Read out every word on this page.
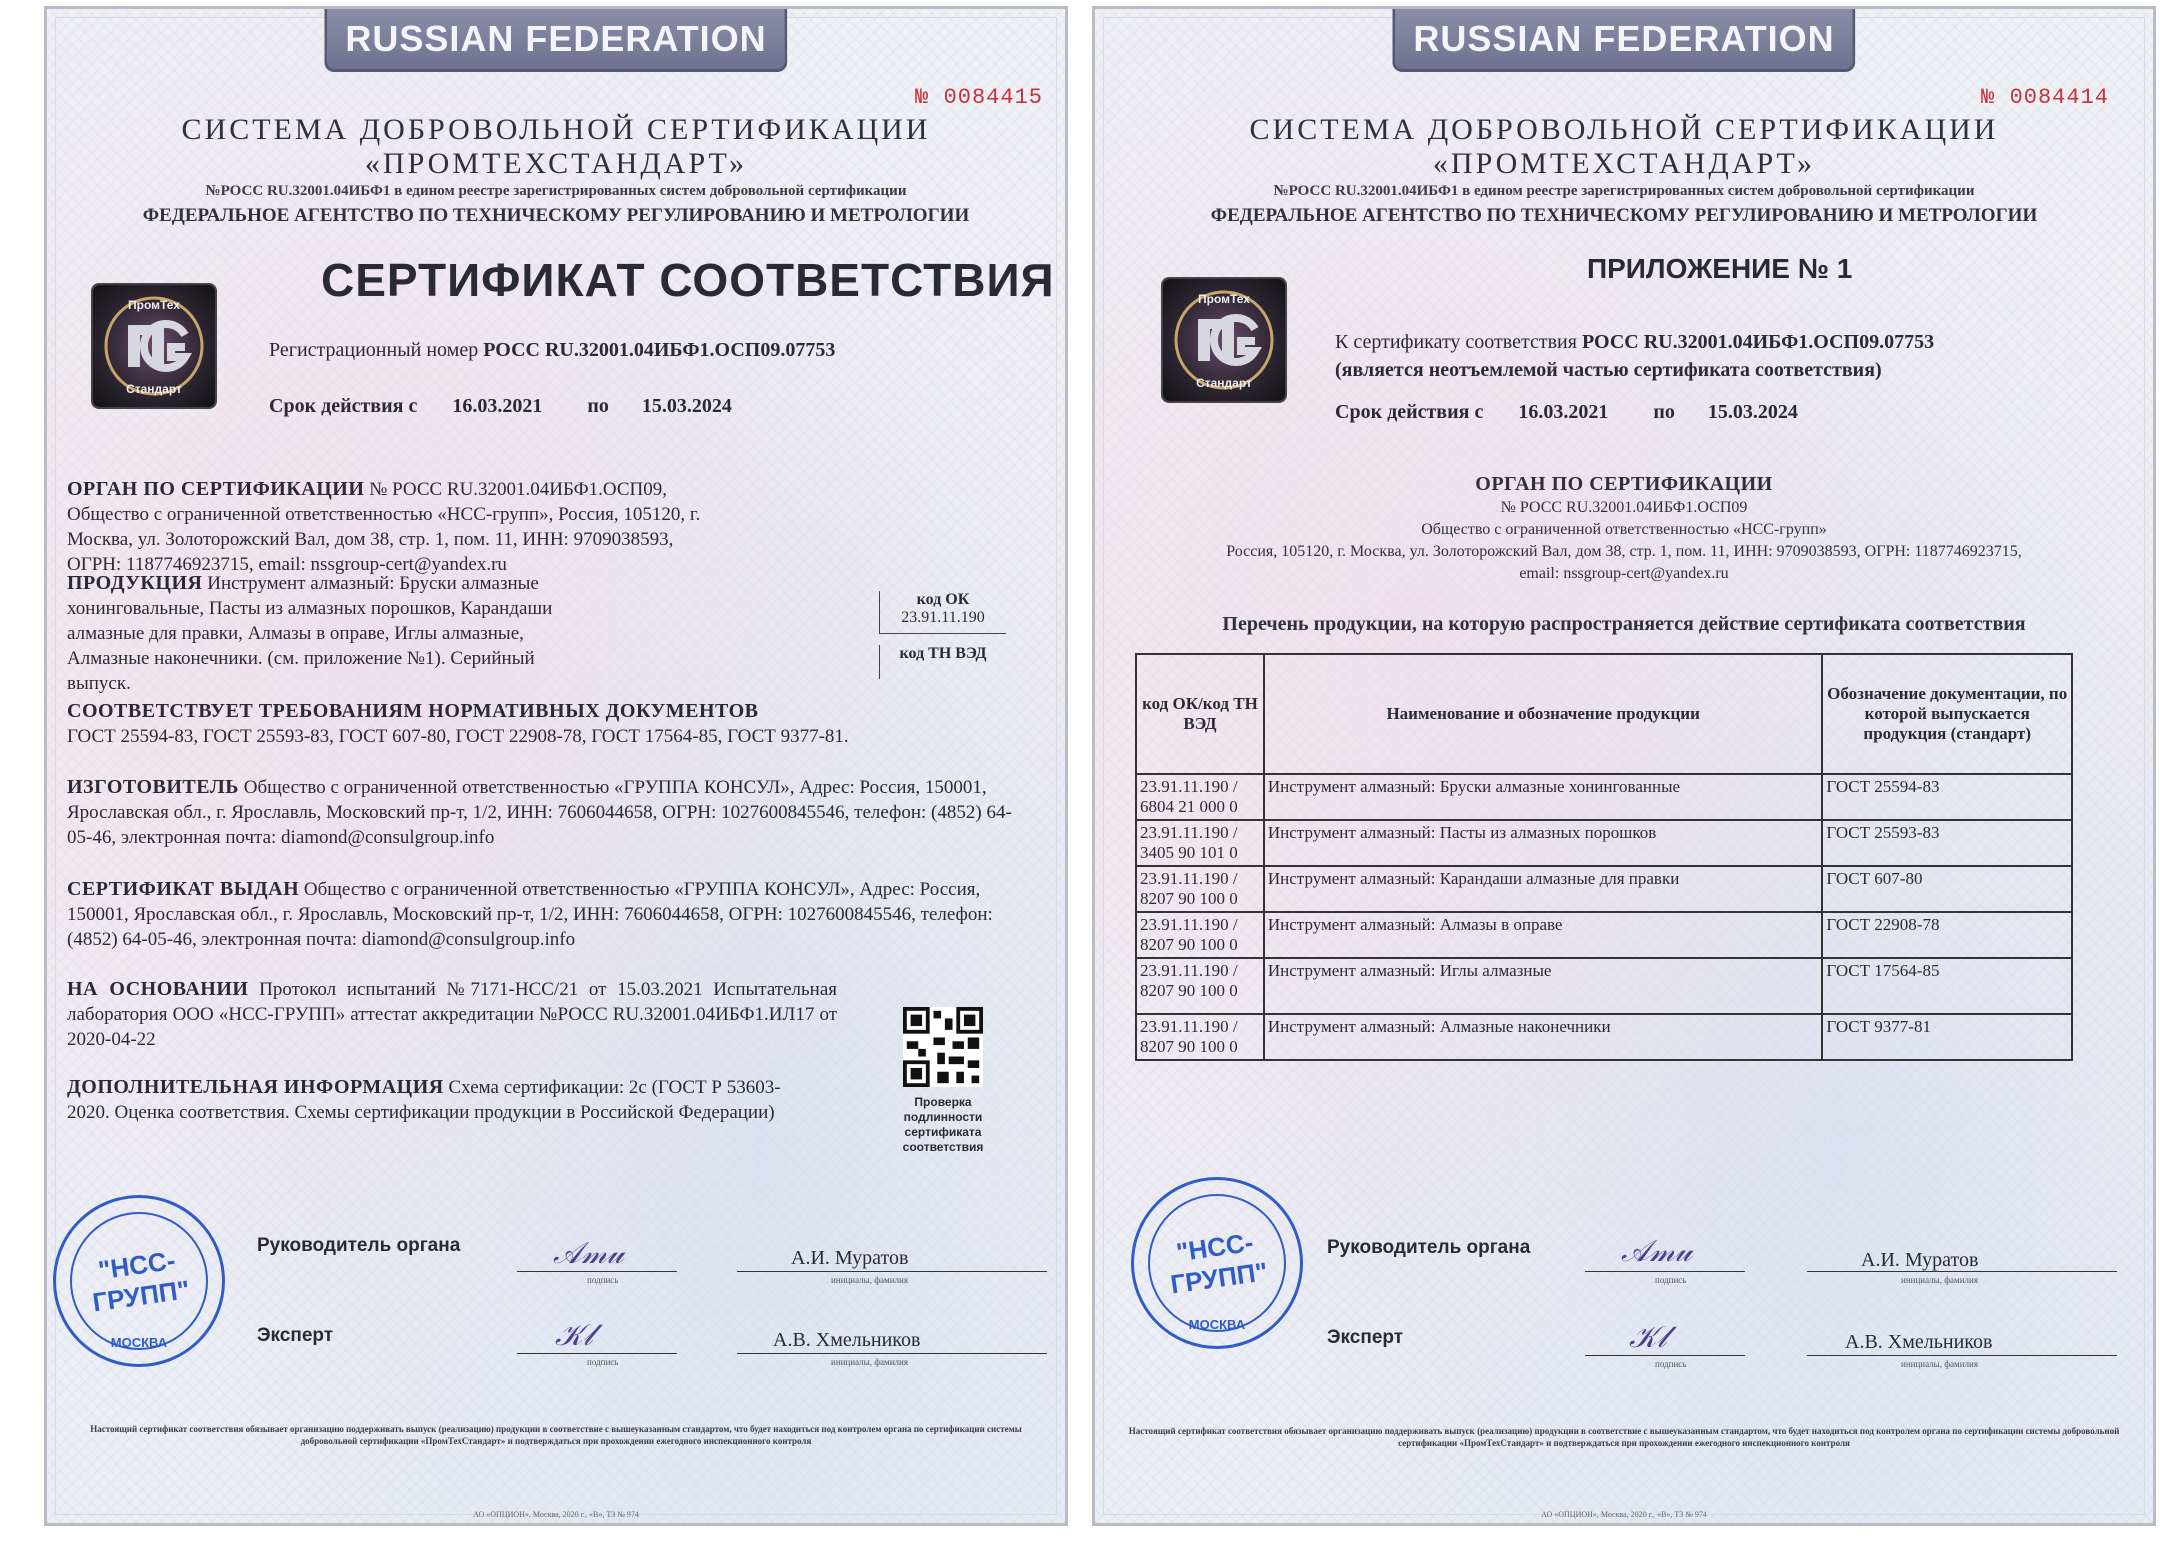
RUSSIAN FEDERATION
№ 0084415
СИСТЕМА ДОБРОВОЛЬНОЙ СЕРТИФИКАЦИИ
«ПРОМТЕХСТАНДАРТ»
№РОСС RU.32001.04ИБФ1 в едином реестре зарегистрированных систем добровольной сертификации
ФЕДЕРАЛЬНОЕ АГЕНТСТВО ПО ТЕХНИЧЕСКОМУ РЕГУЛИРОВАНИЮ И МЕТРОЛОГИИ
СЕРТИФИКАТ СООТВЕТСТВИЯ
ПромТех
Стандарт
Регистрационный номер РОСС RU.32001.04ИБФ1.ОСП09.07753
Срок действия с 16.03.2021 по 15.03.2024
ОРГАН ПО СЕРТИФИКАЦИИ № РОСС RU.32001.04ИБФ1.ОСП09, Общество с ограниченной ответственностью «НСС-групп», Россия, 105120, г. Москва, ул. Золоторожский Вал, дом 38, стр. 1, пом. 11, ИНН: 9709038593, ОГРН: 1187746923715, email: nssgroup-cert@yandex.ru
ПРОДУКЦИЯ Инструмент алмазный: Бруски алмазные хонинговальные, Пасты из алмазных порошков, Карандаши алмазные для правки, Алмазы в оправе, Иглы алмазные, Алмазные наконечники. (см. приложение №1). Серийный выпуск.
код ОК
23.91.11.190
код ТН ВЭД
СООТВЕТСТВУЕТ ТРЕБОВАНИЯМ НОРМАТИВНЫХ ДОКУМЕНТОВ
ГОСТ 25594-83, ГОСТ 25593-83, ГОСТ 607-80, ГОСТ 22908-78, ГОСТ 17564-85, ГОСТ 9377-81.
ИЗГОТОВИТЕЛЬ Общество с ограниченной ответственностью «ГРУППА КОНСУЛ», Адрес: Россия, 150001, Ярославская обл., г. Ярославль, Московский пр-т, 1/2, ИНН: 7606044658, ОГРН: 1027600845546, телефон: (4852) 64-05-46, электронная почта: diamond@consulgroup.info
СЕРТИФИКАТ ВЫДАН Общество с ограниченной ответственностью «ГРУППА КОНСУЛ», Адрес: Россия, 150001, Ярославская обл., г. Ярославль, Московский пр-т, 1/2, ИНН: 7606044658, ОГРН: 1027600845546, телефон: (4852) 64-05-46, электронная почта: diamond@consulgroup.info
НА ОСНОВАНИИ Протокол испытаний №7171-НСС/21 от 15.03.2021 Испытательная лаборатория ООО «НСС-ГРУПП» аттестат аккредитации №РОСС RU.32001.04ИБФ1.ИЛ17 от 2020-04-22
ДОПОЛНИТЕЛЬНАЯ ИНФОРМАЦИЯ Схема сертификации: 2с (ГОСТ Р 53603-2020. Оценка соответствия. Схемы сертификации продукции в Российской Федерации)	Проверка подлинности сертификата соответствия
"НСС-ГРУПП"
МОСКВА
Руководитель органа	𝒜𝓂𝓊
подпись
А.И. Муратов
инициалы, фамилия
Эксперт	𝒦𝓁
подпись
А.В. Хмельников
инициалы, фамилия
Настоящий сертификат соответствия обязывает организацию поддерживать выпуск (реализацию) продукции в соответствие с вышеуказанным стандартом, что будет находиться под контролем органа по сертификации системы добровольной сертификации «ПромТехСтандарт» и подтверждаться при прохождении ежегодного инспекционного контроля
АО «ОПЦИОН», Москва, 2020 г., «В», ТЗ № 974
RUSSIAN FEDERATION
№ 0084414
СИСТЕМА ДОБРОВОЛЬНОЙ СЕРТИФИКАЦИИ
«ПРОМТЕХСТАНДАРТ»
№РОСС RU.32001.04ИБФ1 в едином реестре зарегистрированных систем добровольной сертификации
ФЕДЕРАЛЬНОЕ АГЕНТСТВО ПО ТЕХНИЧЕСКОМУ РЕГУЛИРОВАНИЮ И МЕТРОЛОГИИ
ПРИЛОЖЕНИЕ № 1
ПромТех
Стандарт
К сертификату соответствия РОСС RU.32001.04ИБФ1.ОСП09.07753
(является неотъемлемой частью сертификата соответствия)
Срок действия с 16.03.2021 по 15.03.2024
ОРГАН ПО СЕРТИФИКАЦИИ
№ РОСС RU.32001.04ИБФ1.ОСП09
Общество с ограниченной ответственностью «НСС-групп»
Россия, 105120, г. Москва, ул. Золоторожский Вал, дом 38, стр. 1, пом. 11, ИНН: 9709038593, ОГРН: 1187746923715,
email: nssgroup-cert@yandex.ru
Перечень продукции, на которую распространяется действие сертификата соответствия
код ОК/код ТН ВЭД	Наименование и обозначение продукции	Обозначение документации, по которой выпускается продукция (стандарт)

23.91.11.190 /
6804 21 000 0	Инструмент алмазный: Бруски алмазные хонингованные	ГОСТ 25594-83

23.91.11.190 /
3405 90 101 0	Инструмент алмазный: Пасты из алмазных порошков	ГОСТ 25593-83

23.91.11.190 /
8207 90 100 0	Инструмент алмазный: Карандаши алмазные для правки	ГОСТ 607-80

23.91.11.190 /
8207 90 100 0	Инструмент алмазный: Алмазы в оправе	ГОСТ 22908-78

23.91.11.190 /
8207 90 100 0	Инструмент алмазный: Иглы алмазные	ГОСТ 17564-85

23.91.11.190 /
8207 90 100 0	Инструмент алмазный: Алмазные наконечники	ГОСТ 9377-81
"НСС-ГРУПП"
МОСКВА
Руководитель органа	𝒜𝓂𝓊
подпись
А.И. Муратов
инициалы, фамилия
Эксперт	𝒦𝓁
подпись
А.В. Хмельников
инициалы, фамилия
Настоящий сертификат соответствия обязывает организацию поддерживать выпуск (реализацию) продукции в соответствие с вышеуказанным стандартом, что будет находиться под контролем органа по сертификации системы добровольной сертификации «ПромТехСтандарт» и подтверждаться при прохождении ежегодного инспекционного контроля
АО «ОПЦИОН», Москва, 2020 г., «В», ТЗ № 974
